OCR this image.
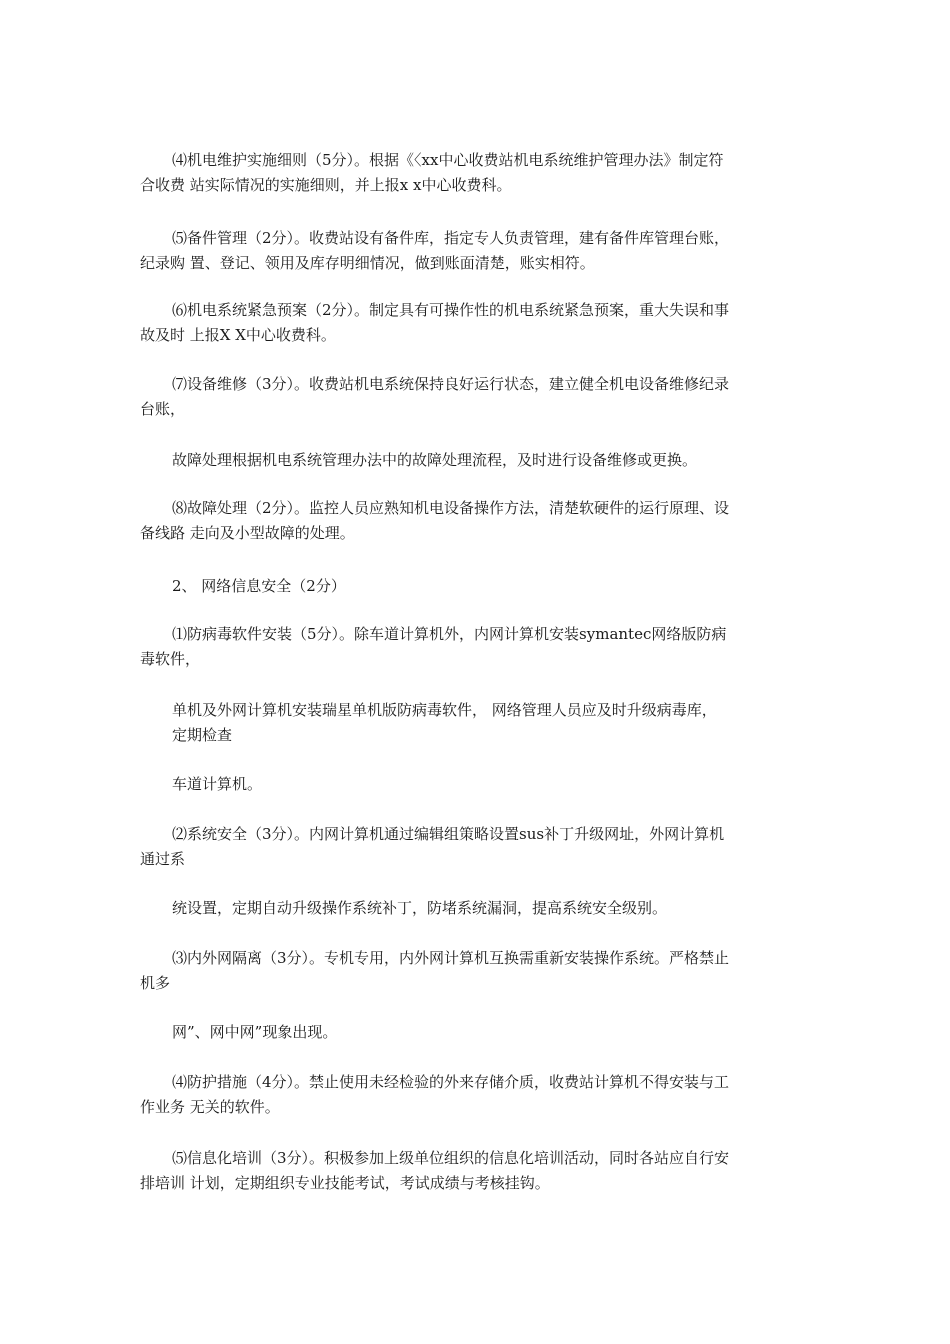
⑷机电维护实施细则（5分）。根据《〈xx中心收费站机电系统维护管理办法》制定符
合收费 站实际情况的实施细则，并上报x x中心收费科。
⑸备件管理（2分）。收费站设有备件库，指定专人负责管理，建有备件库管理台账，
纪录购 置、登记、领用及库存明细情况，做到账面清楚，账实相符。
⑹机电系统紧急预案（2分）。制定具有可操作性的机电系统紧急预案，重大失误和事
故及时 上报X X中心收费科。
⑺设备维修（3分）。收费站机电系统保持良好运行状态，建立健全机电设备维修纪录
台账，
故障处理根据机电系统管理办法中的故障处理流程，及时进行设备维修或更换。
⑻故障处理（2分）。监控人员应熟知机电设备操作方法，清楚软硬件的运行原理、设
备线路 走向及小型故障的处理。
2、 网络信息安全（2分）
⑴防病毒软件安装（5分）。除车道计算机外，内网计算机安装symantec网络版防病
毒软件，
单机及外网计算机安装瑞星单机版防病毒软件， 网络管理人员应及时升级病毒库，
定期检查
车道计算机。
⑵系统安全（3分）。内网计算机通过编辑组策略设置sus补丁升级网址，外网计算机
通过系
统设置，定期自动升级操作系统补丁，防堵系统漏洞，提高系统安全级别。
⑶内外网隔离（3分）。专机专用，内外网计算机互换需重新安装操作系统。严格禁止
机多
网”、网中网”现象出现。
⑷防护措施（4分）。禁止使用未经检验的外来存储介质，收费站计算机不得安装与工
作业务 无关的软件。
⑸信息化培训（3分）。积极参加上级单位组织的信息化培训活动，同时各站应自行安
排培训 计划，定期组织专业技能考试，考试成绩与考核挂钩。
